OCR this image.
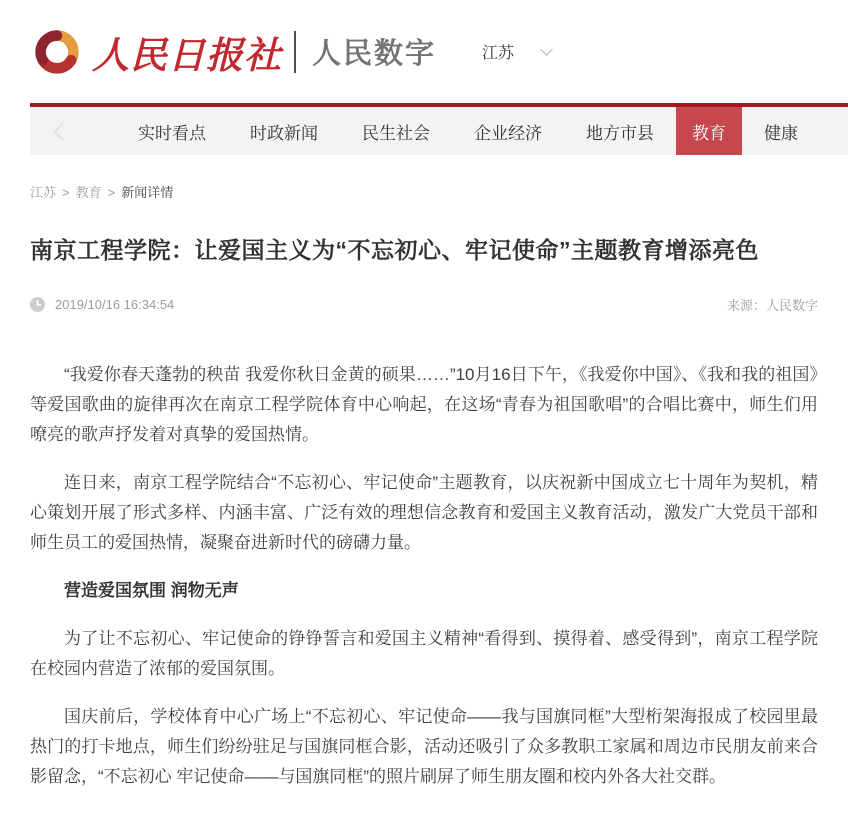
人民日报社 人民数字	江苏
实时看点	时政新闻	民生社会	企业经济	地方市县	教育	健康
江苏 > 教育 > 新闻详情
南京工程学院：让爱国主义为“不忘初心、牢记使命”主题教育增添亮色
2019/10/16 16:34:54	来源：人民数字

“我爱你春天蓬勃的秧苗 我爱你秋日金黄的硕果……”10月16日下午，《我爱你中国》、《我和我的祖国》等爱国歌曲的旋律再次在南京工程学院体育中心响起，在这场“青春为祖国歌唱”的合唱比赛中，师生们用嘹亮的歌声抒发着对真挚的爱国热情。

连日来，南京工程学院结合“不忘初心、牢记使命”主题教育，以庆祝新中国成立七十周年为契机，精心策划开展了形式多样、内涵丰富、广泛有效的理想信念教育和爱国主义教育活动，激发广大党员干部和师生员工的爱国热情，凝聚奋进新时代的磅礴力量。

营造爱国氛围 润物无声

为了让不忘初心、牢记使命的铮铮誓言和爱国主义精神“看得到、摸得着、感受得到”，南京工程学院在校园内营造了浓郁的爱国氛围。

国庆前后，学校体育中心广场上“不忘初心、牢记使命——我与国旗同框”大型桁架海报成了校园里最热门的打卡地点，师生们纷纷驻足与国旗同框合影，活动还吸引了众多教职工家属和周边市民朋友前来合影留念，“不忘初心 牢记使命——与国旗同框”的照片刷屏了师生朋友圈和校内外各大社交群。
